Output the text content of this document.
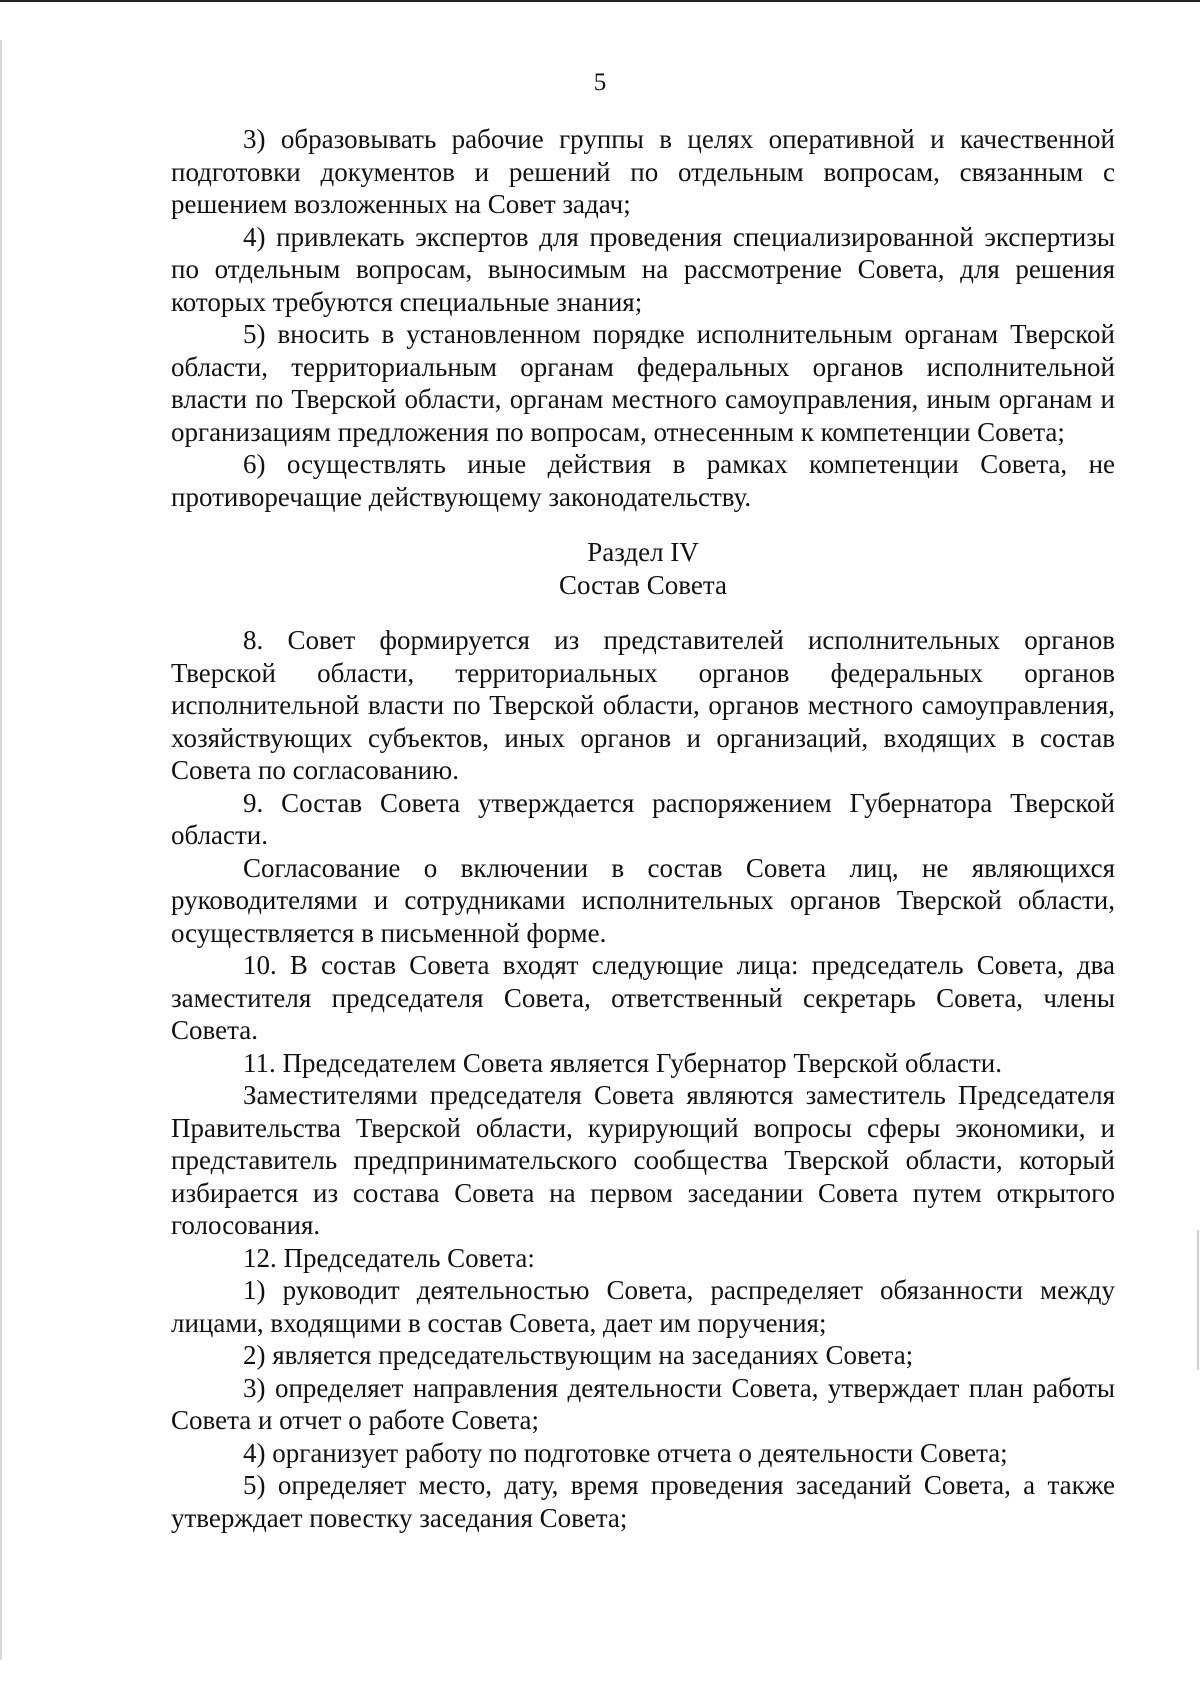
5

3) образовывать рабочие группы в целях оперативной и качественной подготовки документов и решений по отдельным вопросам, связанным с решением возложенных на Совет задач;

4) привлекать экспертов для проведения специализированной экспертизы по отдельным вопросам, выносимым на рассмотрение Совета, для решения которых требуются специальные знания;

5) вносить в установленном порядке исполнительным органам Тверской области, территориальным органам федеральных органов исполнительной власти по Тверской области, органам местного самоуправления, иным органам и организациям предложения по вопросам, отнесенным к компетенции Совета;

6) осуществлять иные действия в рамках компетенции Совета, не противоречащие действующему законодательству.

Раздел IV

Состав Совета

8. Совет формируется из представителей исполнительных органов Тверской области, территориальных органов федеральных органов исполнительной власти по Тверской области, органов местного самоуправления, хозяйствующих субъектов, иных органов и организаций, входящих в состав Совета по согласованию.

9. Состав Совета утверждается распоряжением Губернатора Тверской области.

Согласование о включении в состав Совета лиц, не являющихся руководителями и сотрудниками исполнительных органов Тверской области, осуществляется в письменной форме.

10. В состав Совета входят следующие лица: председатель Совета, два заместителя председателя Совета, ответственный секретарь Совета, члены Совета.

11. Председателем Совета является Губернатор Тверской области.

Заместителями председателя Совета являются заместитель Председателя Правительства Тверской области, курирующий вопросы сферы экономики, и представитель предпринимательского сообщества Тверской области, который избирается из состава Совета на первом заседании Совета путем открытого голосования.

12. Председатель Совета:

1) руководит деятельностью Совета, распределяет обязанности между лицами, входящими в состав Совета, дает им поручения;

2) является председательствующим на заседаниях Совета;

3) определяет направления деятельности Совета, утверждает план работы Совета и отчет о работе Совета;

4) организует работу по подготовке отчета о деятельности Совета;

5) определяет место, дату, время проведения заседаний Совета, а также утверждает повестку заседания Совета;
